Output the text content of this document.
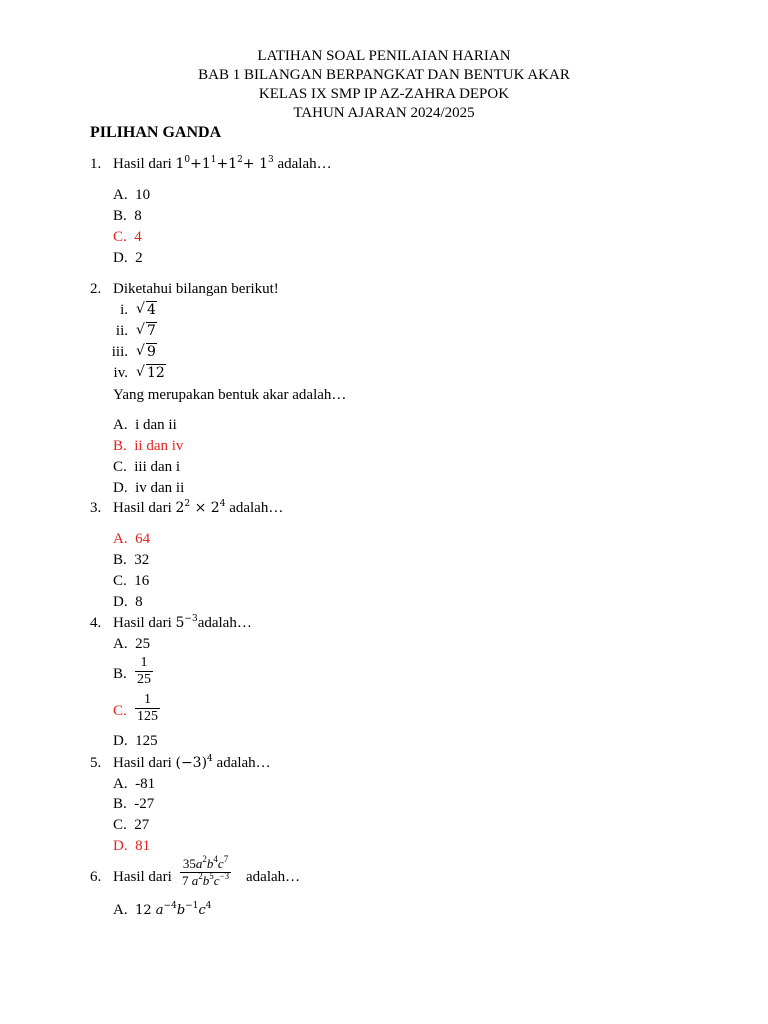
LATIHAN SOAL PENILAIAN HARIAN
BAB 1 BILANGAN BERPANGKAT DAN BENTUK AKAR
KELAS IX SMP IP AZ-ZAHRA DEPOK
TAHUN AJARAN 2024/2025
PILIHAN GANDA
1. Hasil dari $1^0+1^1+1^2+ 1^3$ adalah…
A. 10
B. 8
C. 4
D. 2
2. Diketahui bilangan berikut!
i. √ 4
ii. √ 7
iii. √ 9
iv. √ 12
Yang merupakan bentuk akar adalah…
A. i dan ii
B. ii dan iv
C. iii dan i
D. iv dan ii
3. Hasil dari $2^2 \times 2^4$ adalah…
A. 64
B. 32
C. 16
D. 8
4. Hasil dari $5^{-3}adalah\dots$
A. 25
B. $\frac{1}{25}$
C. $\frac{1}{125}$
D. 125
5. Hasil dari $(-3)^4$ adalah…
A. -81
B. -27
C. 27
D. 81
6. Hasil dari $\frac{35a^2b^4c^7}{7 a^2b^5c^{-3}}$ adalah…
A. 12 $a^{-4}b^{-1}c^4$
